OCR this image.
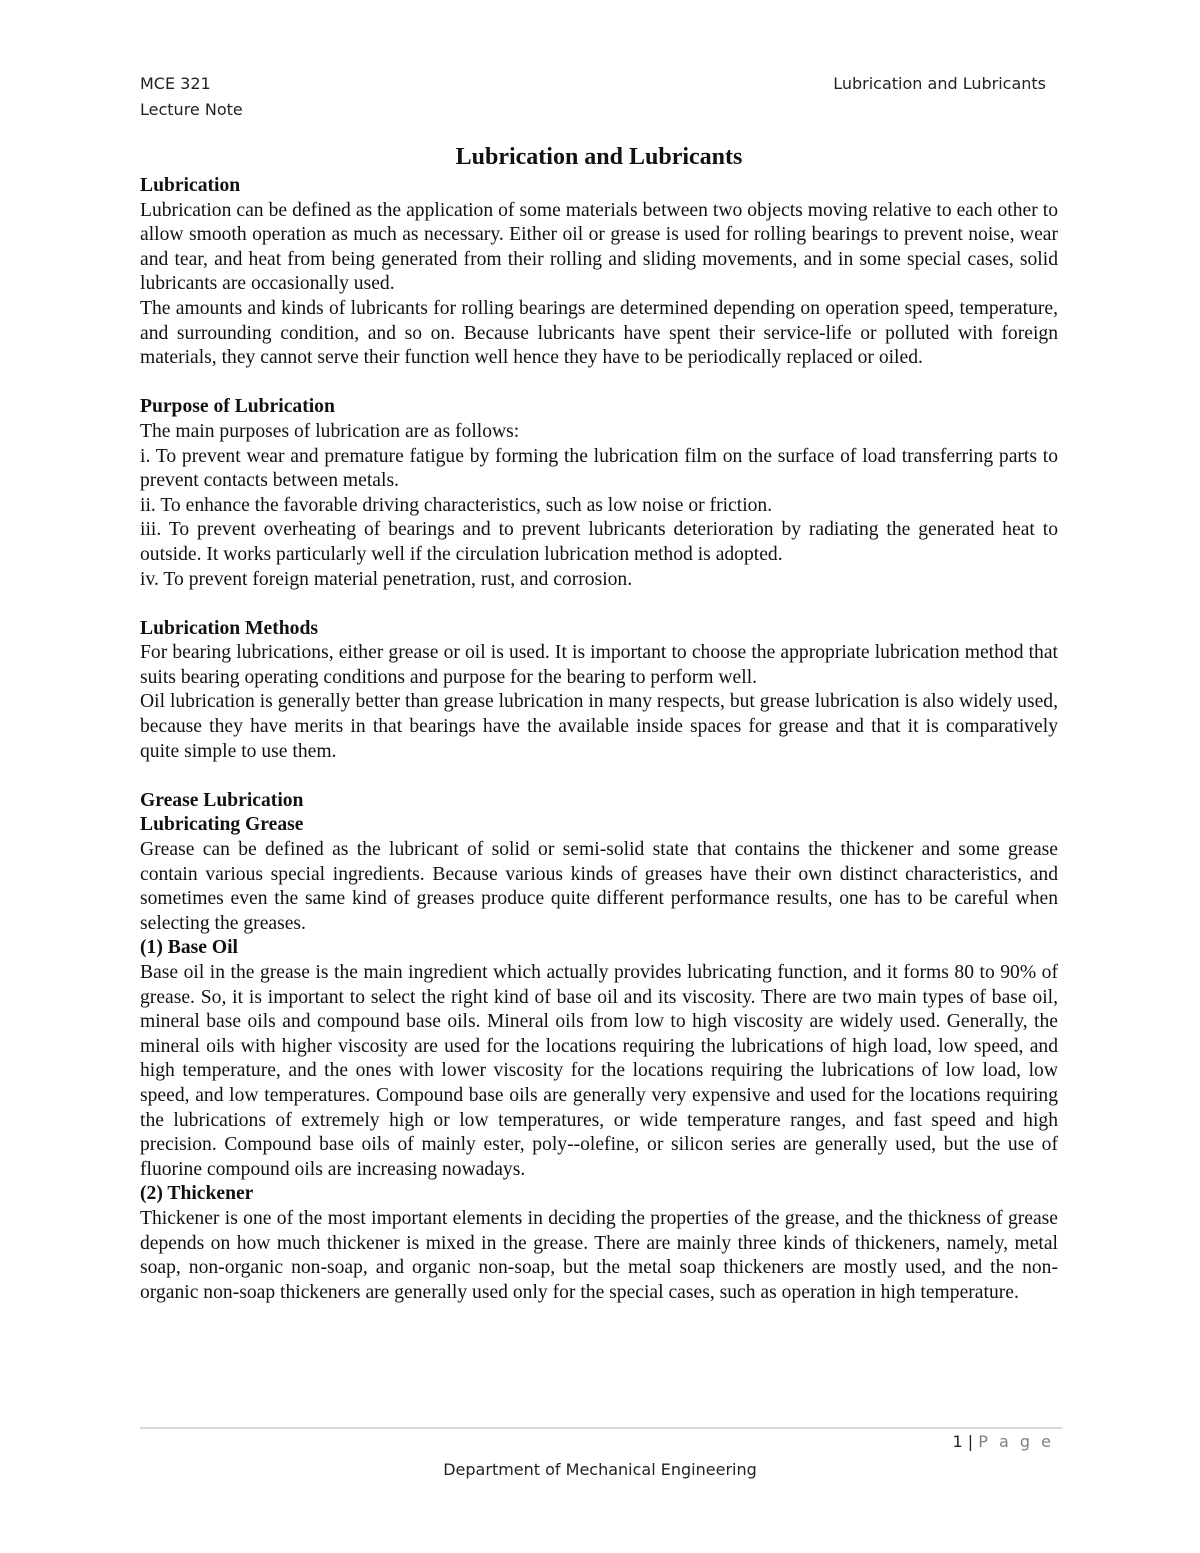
MCE 321
Lecture Note
Lubrication and Lubricants

Lubrication and Lubricants

Lubrication

Lubrication can be defined as the application of some materials between two objects moving relative to each other to allow smooth operation as much as necessary. Either oil or grease is used for rolling bearings to prevent noise, wear and tear, and heat from being generated from their rolling and sliding movements, and in some special cases, solid lubricants are occasionally used.

The amounts and kinds of lubricants for rolling bearings are determined depending on operation speed, temperature, and surrounding condition, and so on. Because lubricants have spent their service-life or polluted with foreign materials, they cannot serve their function well hence they have to be periodically replaced or oiled.

Purpose of Lubrication

The main purposes of lubrication are as follows:

i. To prevent wear and premature fatigue by forming the lubrication film on the surface of load transferring parts to prevent contacts between metals.

ii. To enhance the favorable driving characteristics, such as low noise or friction.

iii. To prevent overheating of bearings and to prevent lubricants deterioration by radiating the generated heat to outside. It works particularly well if the circulation lubrication method is adopted.

iv. To prevent foreign material penetration, rust, and corrosion.

Lubrication Methods

For bearing lubrications, either grease or oil is used. It is important to choose the appropriate lubrication method that suits bearing operating conditions and purpose for the bearing to perform well.

Oil lubrication is generally better than grease lubrication in many respects, but grease lubrication is also widely used, because they have merits in that bearings have the available inside spaces for grease and that it is comparatively quite simple to use them.

Grease Lubrication

Lubricating Grease

Grease can be defined as the lubricant of solid or semi-solid state that contains the thickener and some grease contain various special ingredients. Because various kinds of greases have their own distinct characteristics, and sometimes even the same kind of greases produce quite different performance results, one has to be careful when selecting the greases.

(1) Base Oil

Base oil in the grease is the main ingredient which actually provides lubricating function, and it forms 80 to 90% of grease. So, it is important to select the right kind of base oil and its viscosity. There are two main types of base oil, mineral base oils and compound base oils. Mineral oils from low to high viscosity are widely used. Generally, the mineral oils with higher viscosity are used for the locations requiring the lubrications of high load, low speed, and high temperature, and the ones with lower viscosity for the locations requiring the lubrications of low load, low speed, and low temperatures. Compound base oils are generally very expensive and used for the locations requiring the lubrications of extremely high or low temperatures, or wide temperature ranges, and fast speed and high precision. Compound base oils of mainly ester, poly--olefine, or silicon series are generally used, but the use of fluorine compound oils are increasing nowadays.

(2) Thickener

Thickener is one of the most important elements in deciding the properties of the grease, and the thickness of grease depends on how much thickener is mixed in the grease. There are mainly three kinds of thickeners, namely, metal soap, non-organic non-soap, and organic non-soap, but the metal soap thickeners are mostly used, and the non-organic non-soap thickeners are generally used only for the special cases, such as operation in high temperature.

1 | P a g e
Department of Mechanical Engineering
